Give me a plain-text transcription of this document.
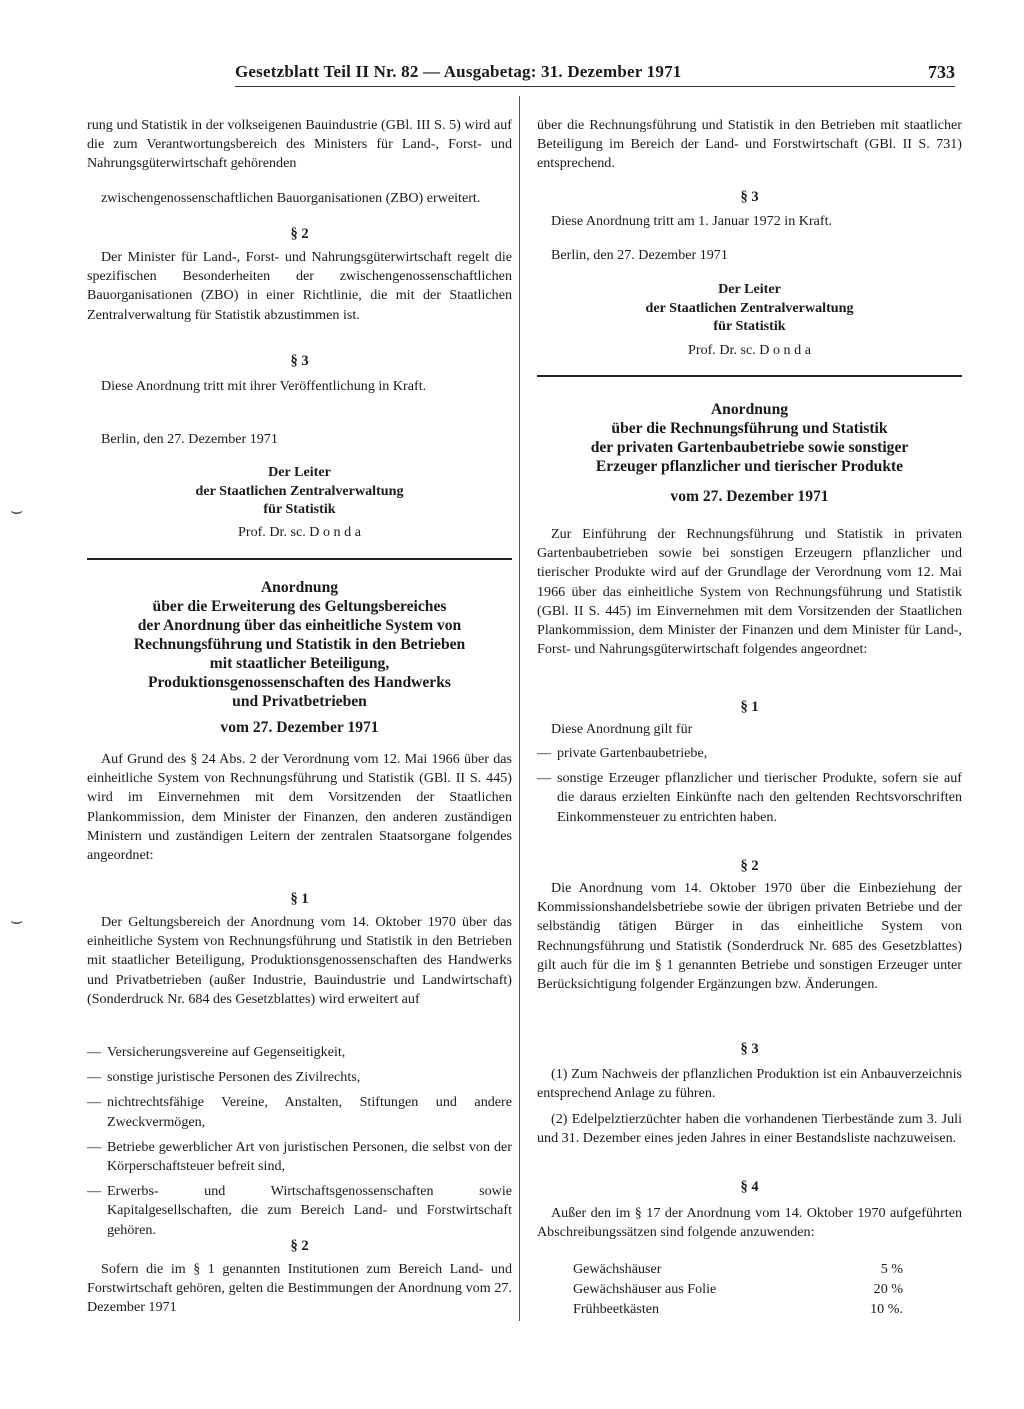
Gesetzblatt Teil II Nr. 82 — Ausgabetag: 31. Dezember 1971	733
⌣
⌣

rung und Statistik in der volkseigenen Bauindustrie (GBl. III S. 5) wird auf die zum Verantwortungsbereich des Ministers für Land-, Forst- und Nahrungsgüterwirtschaft gehörenden

zwischengenossenschaftlichen Bauorganisationen (ZBO) erweitert.

§ 2

Der Minister für Land-, Forst- und Nahrungsgüterwirtschaft regelt die spezifischen Besonderheiten der zwischengenossenschaftlichen Bauorganisationen (ZBO) in einer Richtlinie, die mit der Staatlichen Zentralverwaltung für Statistik abzustimmen ist.

§ 3

Diese Anordnung tritt mit ihrer Veröffentlichung in Kraft.

Berlin, den 27. Dezember 1971

Der Leiter
der Staatlichen Zentralverwaltung
für Statistik
Prof. Dr. sc. D o n d a
Anordnung
über die Erweiterung des Geltungsbereiches
der Anordnung über das einheitliche System von
Rechnungsführung und Statistik in den Betrieben
mit staatlicher Beteiligung,
Produktionsgenossenschaften des Handwerks
und Privatbetrieben
vom 27. Dezember 1971

Auf Grund des § 24 Abs. 2 der Verordnung vom 12. Mai 1966 über das einheitliche System von Rechnungsführung und Statistik (GBl. II S. 445) wird im Einvernehmen mit dem Vorsitzenden der Staatlichen Plankommission, dem Minister der Finanzen, den anderen zuständigen Ministern und zuständigen Leitern der zentralen Staatsorgane folgendes angeordnet:

§ 1

Der Geltungsbereich der Anordnung vom 14. Oktober 1970 über das einheitliche System von Rechnungsführung und Statistik in den Betrieben mit staatlicher Beteiligung, Produktionsgenossenschaften des Handwerks und Privatbetrieben (außer Industrie, Bauindustrie und Landwirtschaft) (Sonderdruck Nr. 684 des Gesetzblattes) wird erweitert auf

— Versicherungsvereine auf Gegenseitigkeit,
— sonstige juristische Personen des Zivilrechts,
— nichtrechtsfähige Vereine, Anstalten, Stiftungen und andere Zweckvermögen,
— Betriebe gewerblicher Art von juristischen Personen, die selbst von der Körperschaftsteuer befreit sind,
— Erwerbs- und Wirtschaftsgenossenschaften sowie Kapitalgesellschaften, die zum Bereich Land- und Forstwirtschaft gehören.
§ 2

Sofern die im § 1 genannten Institutionen zum Bereich Land- und Forstwirtschaft gehören, gelten die Bestimmungen der Anordnung vom 27. Dezember 1971

über die Rechnungsführung und Statistik in den Betrieben mit staatlicher Beteiligung im Bereich der Land- und Forstwirtschaft (GBl. II S. 731) entsprechend.

§ 3

Diese Anordnung tritt am 1. Januar 1972 in Kraft.

Berlin, den 27. Dezember 1971

Der Leiter
der Staatlichen Zentralverwaltung
für Statistik
Prof. Dr. sc. D o n d a
Anordnung
über die Rechnungsführung und Statistik
der privaten Gartenbaubetriebe sowie sonstiger
Erzeuger pflanzlicher und tierischer Produkte
vom 27. Dezember 1971

Zur Einführung der Rechnungsführung und Statistik in privaten Gartenbaubetrieben sowie bei sonstigen Erzeugern pflanzlicher und tierischer Produkte wird auf der Grundlage der Verordnung vom 12. Mai 1966 über das einheitliche System von Rechnungsführung und Statistik (GBl. II S. 445) im Einvernehmen mit dem Vorsitzenden der Staatlichen Plankommission, dem Minister der Finanzen und dem Minister für Land-, Forst- und Nahrungsgüterwirtschaft folgendes angeordnet:

§ 1

Diese Anordnung gilt für

— private Gartenbaubetriebe,
— sonstige Erzeuger pflanzlicher und tierischer Produkte, sofern sie auf die daraus erzielten Einkünfte nach den geltenden Rechtsvorschriften Einkommensteuer zu entrichten haben.
§ 2

Die Anordnung vom 14. Oktober 1970 über die Einbeziehung der Kommissionshandelsbetriebe sowie der übrigen privaten Betriebe und der selbständig tätigen Bürger in das einheitliche System von Rechnungsführung und Statistik (Sonderdruck Nr. 685 des Gesetzblattes) gilt auch für die im § 1 genannten Betriebe und sonstigen Erzeuger unter Berücksichtigung folgender Ergänzungen bzw. Änderungen.

§ 3

(1) Zum Nachweis der pflanzlichen Produktion ist ein Anbauverzeichnis entsprechend Anlage zu führen.

(2) Edelpelztierzüchter haben die vorhandenen Tierbestände zum 3. Juli und 31. Dezember eines jeden Jahres in einer Bestandsliste nachzuweisen.

§ 4

Außer den im § 17 der Anordnung vom 14. Oktober 1970 aufgeführten Abschreibungssätzen sind folgende anzuwenden:

Gewächshäuser	5 %
Gewächshäuser aus Folie	20 %
Frühbeetkästen	10 %.
